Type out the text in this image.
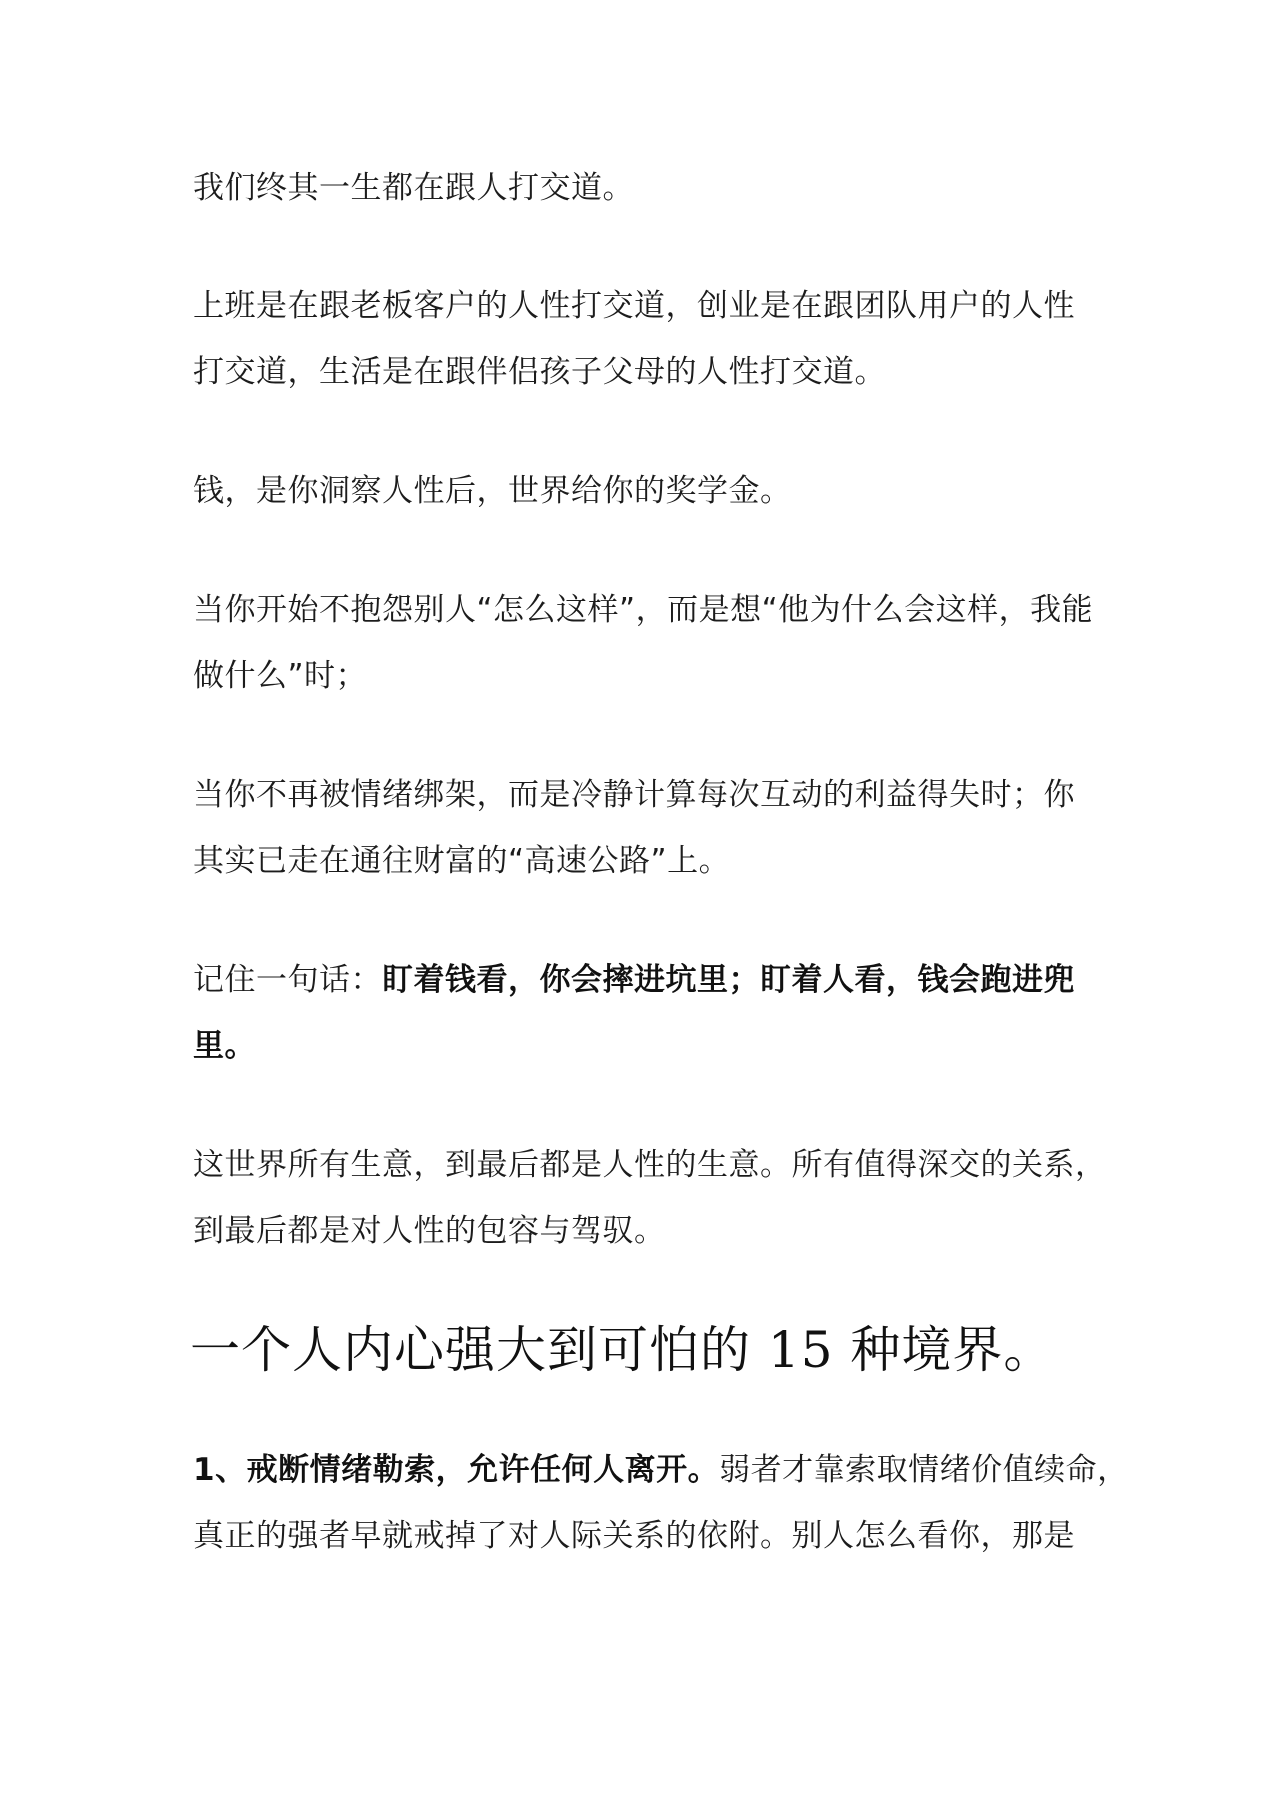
我们终其一生都在跟人打交道。

上班是在跟老板客户的人性打交道，创业是在跟团队用户的人性
打交道，生活是在跟伴侣孩子父母的人性打交道。

钱，是你洞察人性后，世界给你的奖学金。

当你开始不抱怨别人“怎么这样”，而是想“他为什么会这样，我能
做什么”时；

当你不再被情绪绑架，而是冷静计算每次互动的利益得失时；你
其实已走在通往财富的“高速公路”上。

记住一句话：盯着钱看，你会摔进坑里；盯着人看，钱会跑进兜
里。

这世界所有生意，到最后都是人性的生意。所有值得深交的关系，
到最后都是对人性的包容与驾驭。

一个人内心强大到可怕的 15 种境界。

1、戒断情绪勒索，允许任何人离开。弱者才靠索取情绪价值续命，
真正的强者早就戒掉了对人际关系的依附。别人怎么看你，那是
